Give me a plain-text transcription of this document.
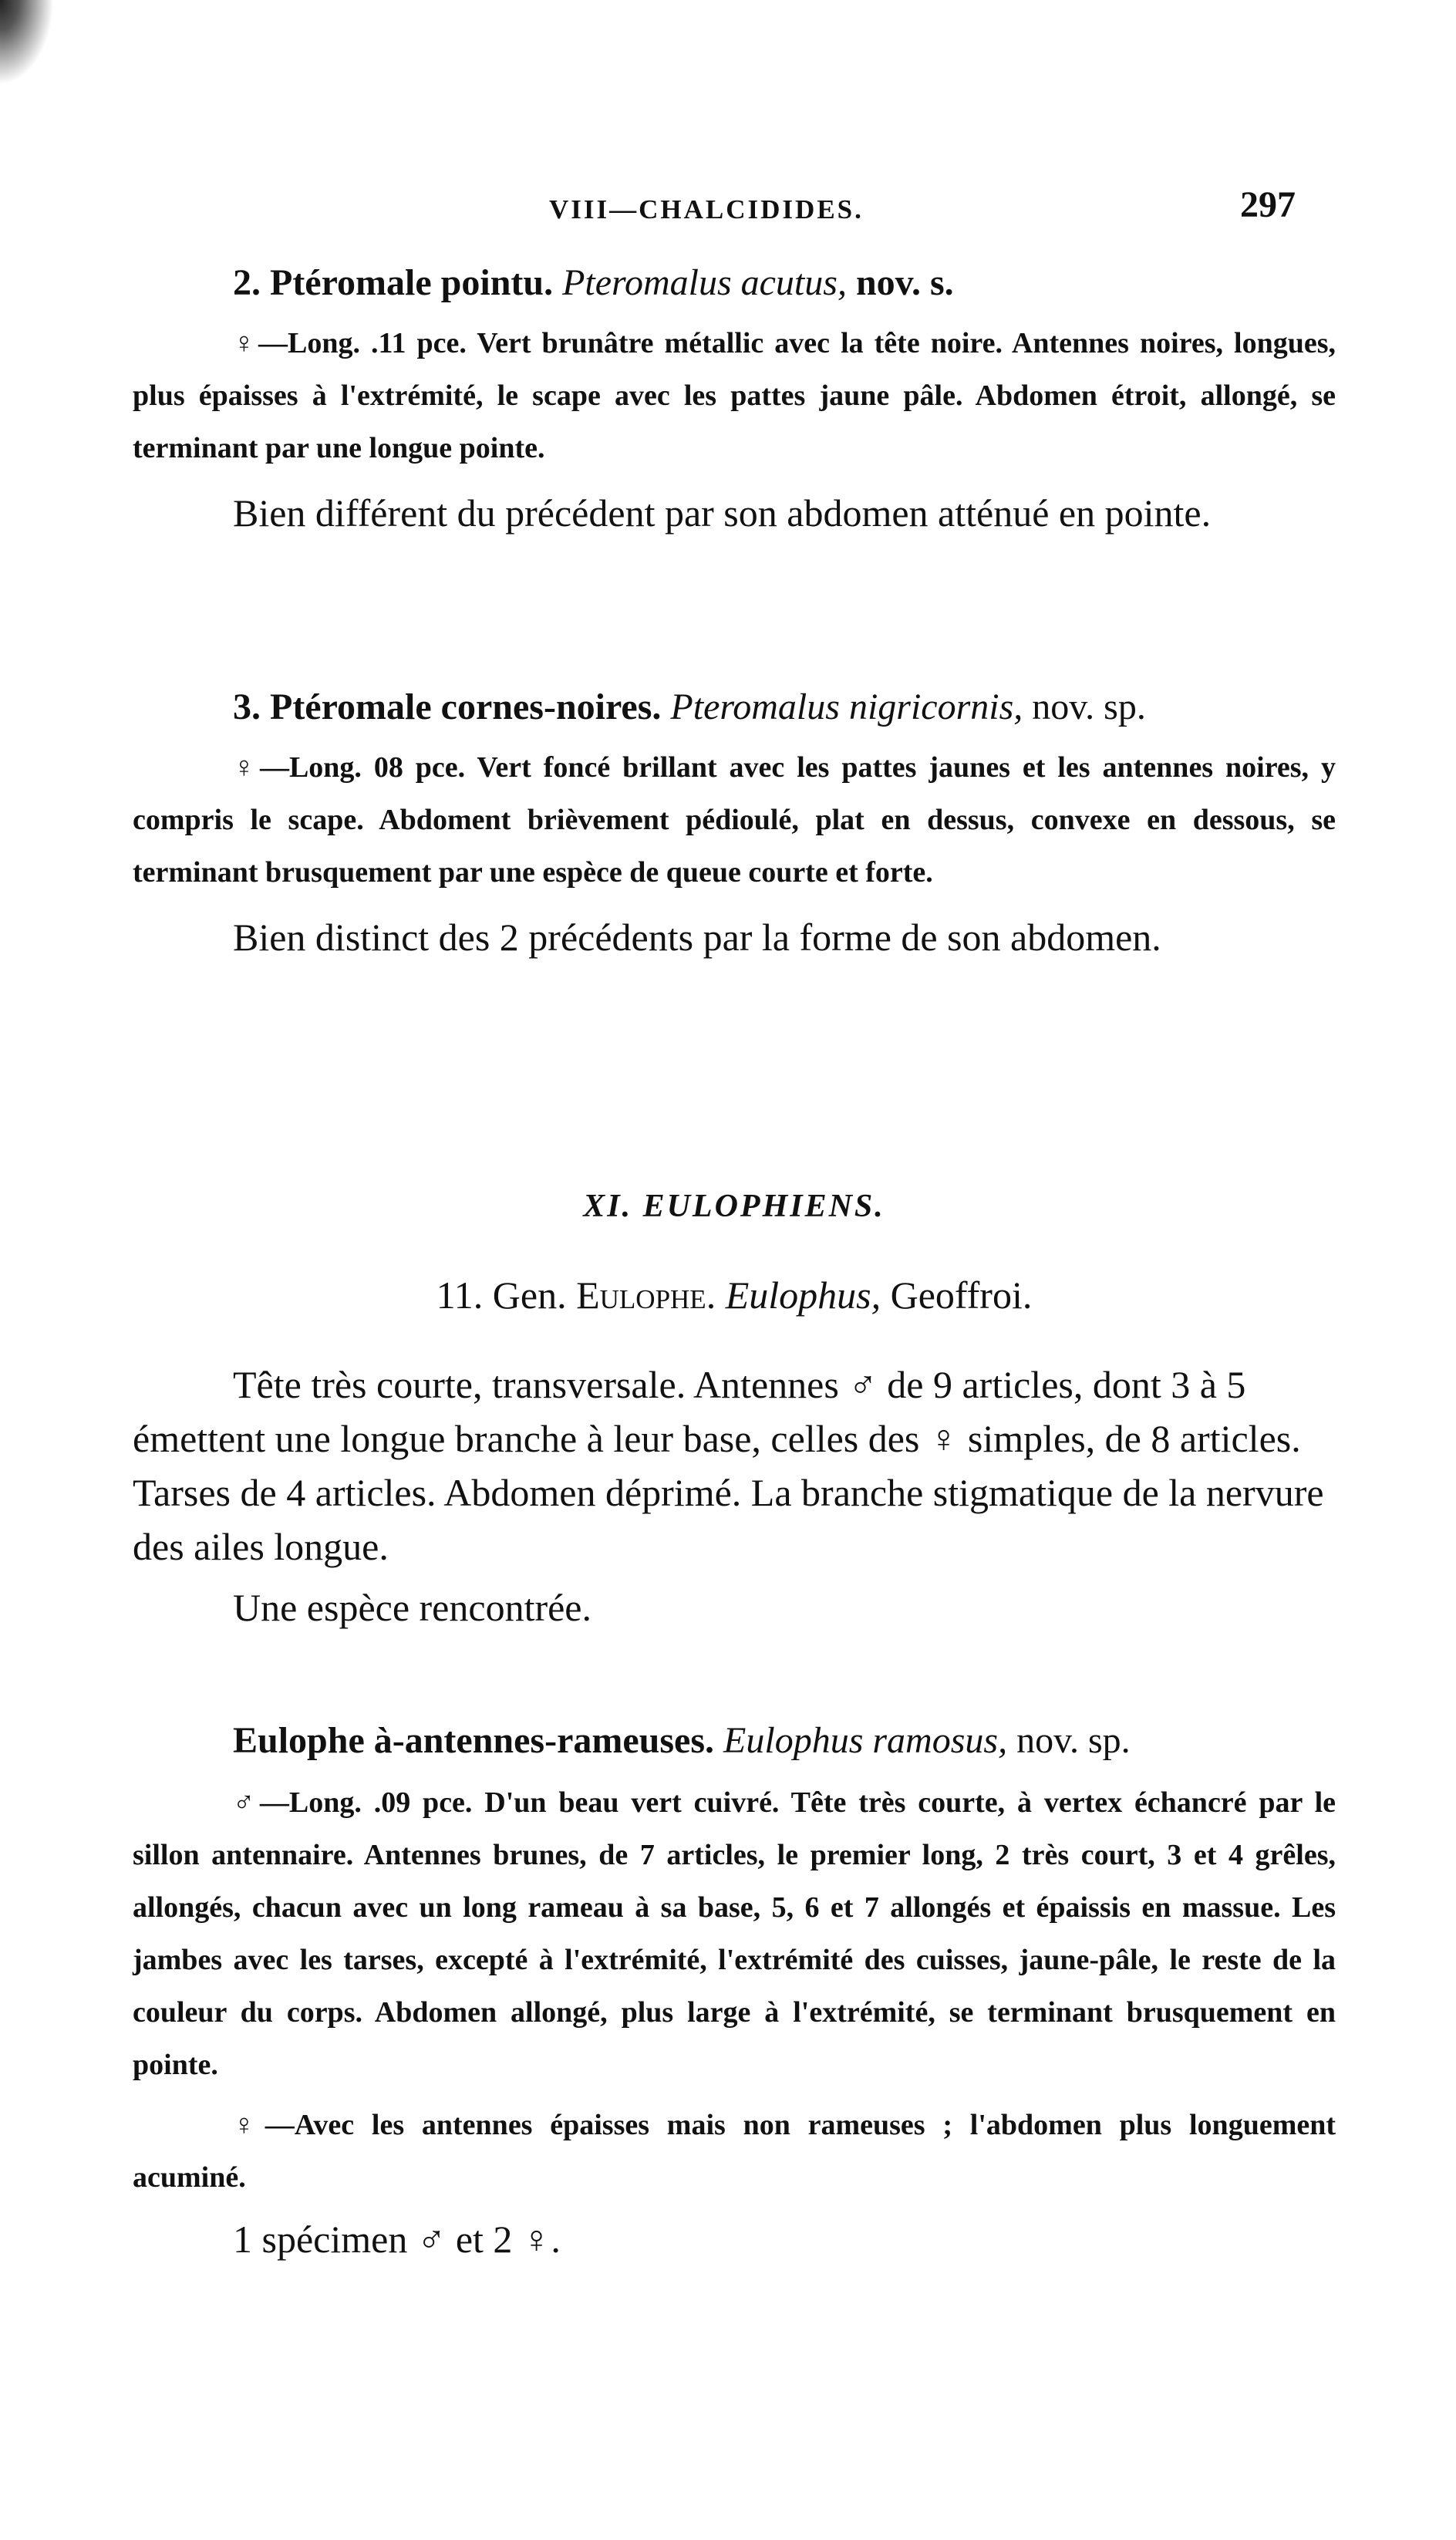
VIII—CHALCIDIDES.	297

2. Ptéromale pointu. Pteromalus acutus, nov. s.

♀—Long. .11 pce. Vert brunâtre métallic avec la tête noire. Antennes noires, longues, plus épaisses à l'extrémité, le scape avec les pattes jaune pâle. Abdomen étroit, allongé, se terminant par une longue pointe.

Bien différent du précédent par son abdomen atténué en pointe.

3. Ptéromale cornes-noires. Pteromalus nigricornis, nov. sp.

♀—Long. 08 pce. Vert foncé brillant avec les pattes jaunes et les antennes noires, y compris le scape. Abdoment brièvement pédioulé, plat en dessus, convexe en dessous, se terminant brusquement par une espèce de queue courte et forte.

Bien distinct des 2 précédents par la forme de son abdomen.

XI. EULOPHIENS.
11. Gen. Eulophe. Eulophus, Geoffroi.

Tête très courte, transversale. Antennes ♂ de 9 articles, dont 3 à 5 émettent une longue branche à leur base, celles des ♀ simples, de 8 articles. Tarses de 4 articles. Abdomen déprimé. La branche stigmatique de la nervure des ailes longue.

Une espèce rencontrée.

Eulophe à-antennes-rameuses. Eulophus ramosus, nov. sp.

♂—Long. .09 pce. D'un beau vert cuivré. Tête très courte, à vertex échancré par le sillon antennaire. Antennes brunes, de 7 articles, le premier long, 2 très court, 3 et 4 grêles, allongés, chacun avec un long rameau à sa base, 5, 6 et 7 allongés et épaissis en massue. Les jambes avec les tarses, excepté à l'extrémité, l'extrémité des cuisses, jaune-pâle, le reste de la couleur du corps. Abdomen allongé, plus large à l'extrémité, se terminant brusquement en pointe.

♀—Avec les antennes épaisses mais non rameuses ; l'abdomen plus longuement acuminé.

1 spécimen ♂ et 2 ♀.
